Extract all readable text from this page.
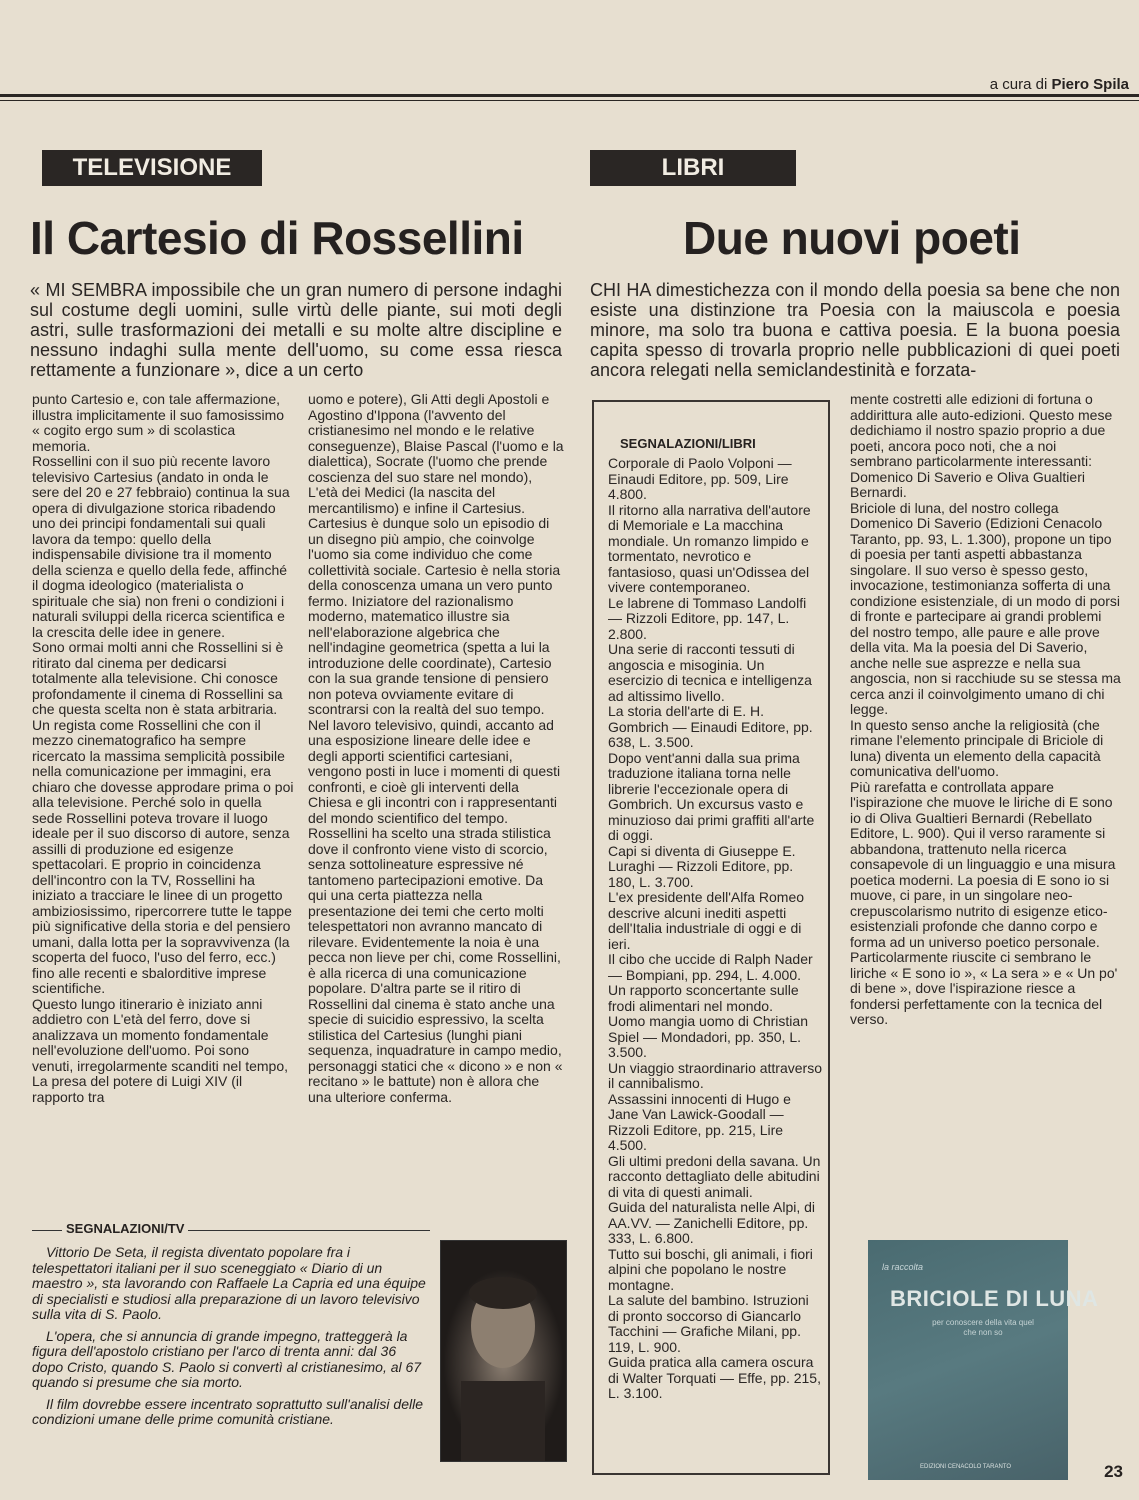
a cura di Piero Spila
TELEVISIONE
Il Cartesio di Rossellini
« MI SEMBRA impossibile che un gran numero di persone indaghi sul costume degli uomini, sulle virtù delle piante, sui moti degli astri, sulle trasformazioni dei metalli e su molte altre discipline e nessuno indaghi sulla mente dell'uomo, su come essa riesca rettamente a funzionare », dice a un certo

punto Cartesio e, con tale affermazione, illustra implicitamente il suo famosissimo « cogito ergo sum » di scolastica memoria.

Rossellini con il suo più recente lavoro televisivo Cartesius (andato in onda le sere del 20 e 27 febbraio) continua la sua opera di divulgazione storica ribadendo uno dei principi fondamentali sui quali lavora da tempo: quello della indispensabile divisione tra il momento della scienza e quello della fede, affinché il dogma ideologico (materialista o spirituale che sia) non freni o condizioni i naturali sviluppi della ricerca scientifica e la crescita delle idee in genere.

Sono ormai molti anni che Rossellini si è ritirato dal cinema per dedicarsi totalmente alla televisione. Chi conosce profondamente il cinema di Rossellini sa che questa scelta non è stata arbitraria. Un regista come Rossellini che con il mezzo cinematografico ha sempre ricercato la massima semplicità possibile nella comunicazione per immagini, era chiaro che dovesse approdare prima o poi alla televisione. Perché solo in quella sede Rossellini poteva trovare il luogo ideale per il suo discorso di autore, senza assilli di produzione ed esigenze spettacolari. E proprio in coincidenza dell'incontro con la TV, Rossellini ha iniziato a tracciare le linee di un progetto ambiziosissimo, ripercorrere tutte le tappe più significative della storia e del pensiero umani, dalla lotta per la sopravvivenza (la scoperta del fuoco, l'uso del ferro, ecc.) fino alle recenti e sbalorditive imprese scientifiche.

Questo lungo itinerario è iniziato anni addietro con L'età del ferro, dove si analizzava un momento fondamentale nell'evoluzione dell'uomo. Poi sono venuti, irregolarmente scanditi nel tempo, La presa del potere di Luigi XIV (il rapporto tra

uomo e potere), Gli Atti degli Apostoli e Agostino d'Ippona (l'avvento del cristianesimo nel mondo e le relative conseguenze), Blaise Pascal (l'uomo e la dialettica), Socrate (l'uomo che prende coscienza del suo stare nel mondo), L'età dei Medici (la nascita del mercantilismo) e infine il Cartesius.

Cartesius è dunque solo un episodio di un disegno più ampio, che coinvolge l'uomo sia come individuo che come collettività sociale. Cartesio è nella storia della conoscenza umana un vero punto fermo. Iniziatore del razionalismo moderno, matematico illustre sia nell'elaborazione algebrica che nell'indagine geometrica (spetta a lui la introduzione delle coordinate), Cartesio con la sua grande tensione di pensiero non poteva ovviamente evitare di scontrarsi con la realtà del suo tempo.

Nel lavoro televisivo, quindi, accanto ad una esposizione lineare delle idee e degli apporti scientifici cartesiani, vengono posti in luce i momenti di questi confronti, e cioè gli interventi della Chiesa e gli incontri con i rappresentanti del mondo scientifico del tempo.

Rossellini ha scelto una strada stilistica dove il confronto viene visto di scorcio, senza sottolineature espressive né tantomeno partecipazioni emotive. Da qui una certa piattezza nella presentazione dei temi che certo molti telespettatori non avranno mancato di rilevare. Evidentemente la noia è una pecca non lieve per chi, come Rossellini, è alla ricerca di una comunicazione popolare. D'altra parte se il ritiro di Rossellini dal cinema è stato anche una specie di suicidio espressivo, la scelta stilistica del Cartesius (lunghi piani sequenza, inquadrature in campo medio, personaggi statici che « dicono » e non « recitano » le battute) non è allora che una ulteriore conferma.

SEGNALAZIONI/TV

Vittorio De Seta, il regista diventato popolare fra i telespettatori italiani per il suo sceneggiato « Diario di un maestro », sta lavorando con Raffaele La Capria ed una équipe di specialisti e studiosi alla preparazione di un lavoro televisivo sulla vita di S. Paolo.

L'opera, che si annuncia di grande impegno, tratteggerà la figura dell'apostolo cristiano per l'arco di trenta anni: dal 36 dopo Cristo, quando S. Paolo si convertì al cristianesimo, al 67 quando si presume che sia morto.

Il film dovrebbe essere incentrato soprattutto sull'analisi delle condizioni umane delle prime comunità cristiane.

LIBRI
Due nuovi poeti
CHI HA dimestichezza con il mondo della poesia sa bene che non esiste una distinzione tra Poesia con la maiuscola e poesia minore, ma solo tra buona e cattiva poesia. E la buona poesia capita spesso di trovarla proprio nelle pubblicazioni di quei poeti ancora relegati nella semiclandestinità e forzata-
SEGNALAZIONI/LIBRI

Corporale di Paolo Volponi — Einaudi Editore, pp. 509, Lire 4.800.

Il ritorno alla narrativa dell'autore di Memoriale e La macchina mondiale. Un romanzo limpido e tormentato, nevrotico e fantasioso, quasi un'Odissea del vivere contemporaneo.

Le labrene di Tommaso Landolfi — Rizzoli Editore, pp. 147, L. 2.800.

Una serie di racconti tessuti di angoscia e misoginia. Un esercizio di tecnica e intelligenza ad altissimo livello.

La storia dell'arte di E. H. Gombrich — Einaudi Editore, pp. 638, L. 3.500.

Dopo vent'anni dalla sua prima traduzione italiana torna nelle librerie l'eccezionale opera di Gombrich. Un excursus vasto e minuzioso dai primi graffiti all'arte di oggi.

Capi si diventa di Giuseppe E. Luraghi — Rizzoli Editore, pp. 180, L. 3.700.

L'ex presidente dell'Alfa Romeo descrive alcuni inediti aspetti dell'Italia industriale di oggi e di ieri.

Il cibo che uccide di Ralph Nader — Bompiani, pp. 294, L. 4.000.

Un rapporto sconcertante sulle frodi alimentari nel mondo.

Uomo mangia uomo di Christian Spiel — Mondadori, pp. 350, L. 3.500.

Un viaggio straordinario attraverso il cannibalismo.

Assassini innocenti di Hugo e Jane Van Lawick-Goodall — Rizzoli Editore, pp. 215, Lire 4.500.

Gli ultimi predoni della savana. Un racconto dettagliato delle abitudini di vita di questi animali.

Guida del naturalista nelle Alpi, di AA.VV. — Zanichelli Editore, pp. 333, L. 6.800.

Tutto sui boschi, gli animali, i fiori alpini che popolano le nostre montagne.

La salute del bambino. Istruzioni di pronto soccorso di Giancarlo Tacchini — Grafiche Milani, pp. 119, L. 900.

Guida pratica alla camera oscura di Walter Torquati — Effe, pp. 215, L. 3.100.

mente costretti alle edizioni di fortuna o addirittura alle auto-edizioni. Questo mese dedichiamo il nostro spazio proprio a due poeti, ancora poco noti, che a noi sembrano particolarmente interessanti: Domenico Di Saverio e Oliva Gualtieri Bernardi.

Briciole di luna, del nostro collega Domenico Di Saverio (Edizioni Cenacolo Taranto, pp. 93, L. 1.300), propone un tipo di poesia per tanti aspetti abbastanza singolare. Il suo verso è spesso gesto, invocazione, testimonianza sofferta di una condizione esistenziale, di un modo di porsi di fronte e partecipare ai grandi problemi del nostro tempo, alle paure e alle prove della vita. Ma la poesia del Di Saverio, anche nelle sue asprezze e nella sua angoscia, non si racchiude su se stessa ma cerca anzi il coinvolgimento umano di chi legge.

In questo senso anche la religiosità (che rimane l'elemento principale di Briciole di luna) diventa un elemento della capacità comunicativa dell'uomo.

Più rarefatta e controllata appare l'ispirazione che muove le liriche di E sono io di Oliva Gualtieri Bernardi (Rebellato Editore, L. 900). Qui il verso raramente si abbandona, trattenuto nella ricerca consapevole di un linguaggio e una misura poetica moderni. La poesia di E sono io si muove, ci pare, in un singolare neo-crepuscolarismo nutrito di esigenze etico-esistenziali profonde che danno corpo e forma ad un universo poetico personale.

Particolarmente riuscite ci sembrano le liriche « E sono io », « La sera » e « Un po' di bene », dove l'ispirazione riesce a fondersi perfettamente con la tecnica del verso.

la raccolta
BRICIOLE DI LUNA
per conoscere della vita quel che non so
EDIZIONI CENACOLO TARANTO	23
